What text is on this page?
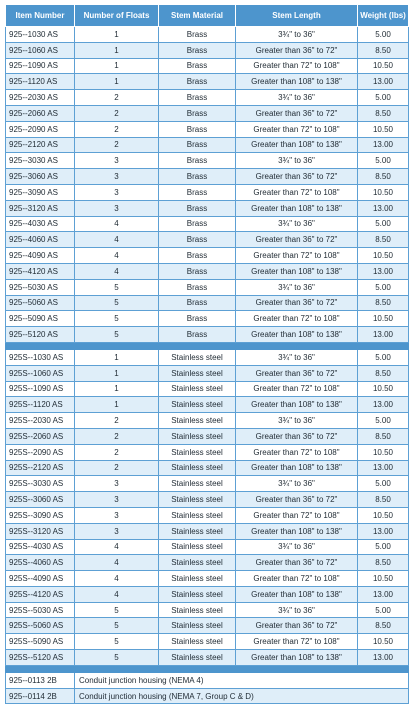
Item Number	Number of Floats	Stem Material	Stem Length	Weight (lbs)
925--1030 AS	1	Brass	3¾" to 36"	5.00
925--1060 AS	1	Brass	Greater than 36" to 72"	8.50
925--1090 AS	1	Brass	Greater than 72" to 108"	10.50
925--1120 AS	1	Brass	Greater than 108" to 138"	13.00
925--2030 AS	2	Brass	3¾" to 36"	5.00
925--2060 AS	2	Brass	Greater than 36" to 72"	8.50
925--2090 AS	2	Brass	Greater than 72" to 108"	10.50
925--2120 AS	2	Brass	Greater than 108" to 138"	13.00
925--3030 AS	3	Brass	3¾" to 36"	5.00
925--3060 AS	3	Brass	Greater than 36" to 72"	8.50
925--3090 AS	3	Brass	Greater than 72" to 108"	10.50
925--3120 AS	3	Brass	Greater than 108" to 138"	13.00
925--4030 AS	4	Brass	3¾" to 36"	5.00
925--4060 AS	4	Brass	Greater than 36" to 72"	8.50
925--4090 AS	4	Brass	Greater than 72" to 108"	10.50
925--4120 AS	4	Brass	Greater than 108" to 138"	13.00
925--5030 AS	5	Brass	3¾" to 36"	5.00
925--5060 AS	5	Brass	Greater than 36" to 72"	8.50
925--5090 AS	5	Brass	Greater than 72" to 108"	10.50
925--5120 AS	5	Brass	Greater than 108" to 138"	13.00

925S--1030 AS	1	Stainless steel	3¾" to 36"	5.00
925S--1060 AS	1	Stainless steel	Greater than 36" to 72"	8.50
925S--1090 AS	1	Stainless steel	Greater than 72" to 108"	10.50
925S--1120 AS	1	Stainless steel	Greater than 108" to 138"	13.00
925S--2030 AS	2	Stainless steel	3¾" to 36"	5.00
925S--2060 AS	2	Stainless steel	Greater than 36" to 72"	8.50
925S--2090 AS	2	Stainless steel	Greater than 72" to 108"	10.50
925S--2120 AS	2	Stainless steel	Greater than 108" to 138"	13.00
925S--3030 AS	3	Stainless steel	3¾" to 36"	5.00
925S--3060 AS	3	Stainless steel	Greater than 36" to 72"	8.50
925S--3090 AS	3	Stainless steel	Greater than 72" to 108"	10.50
925S--3120 AS	3	Stainless steel	Greater than 108" to 138"	13.00
925S--4030 AS	4	Stainless steel	3¾" to 36"	5.00
925S--4060 AS	4	Stainless steel	Greater than 36" to 72"	8.50
925S--4090 AS	4	Stainless steel	Greater than 72" to 108"	10.50
925S--4120 AS	4	Stainless steel	Greater than 108" to 138"	13.00
925S--5030 AS	5	Stainless steel	3¾" to 36"	5.00
925S--5060 AS	5	Stainless steel	Greater than 36" to 72"	8.50
925S--5090 AS	5	Stainless steel	Greater than 72" to 108"	10.50
925S--5120 AS	5	Stainless steel	Greater than 108" to 138"	13.00

925--0113 2B	Conduit junction housing (NEMA 4)			
925--0114 2B	Conduit junction housing (NEMA 7, Group C & D)			
